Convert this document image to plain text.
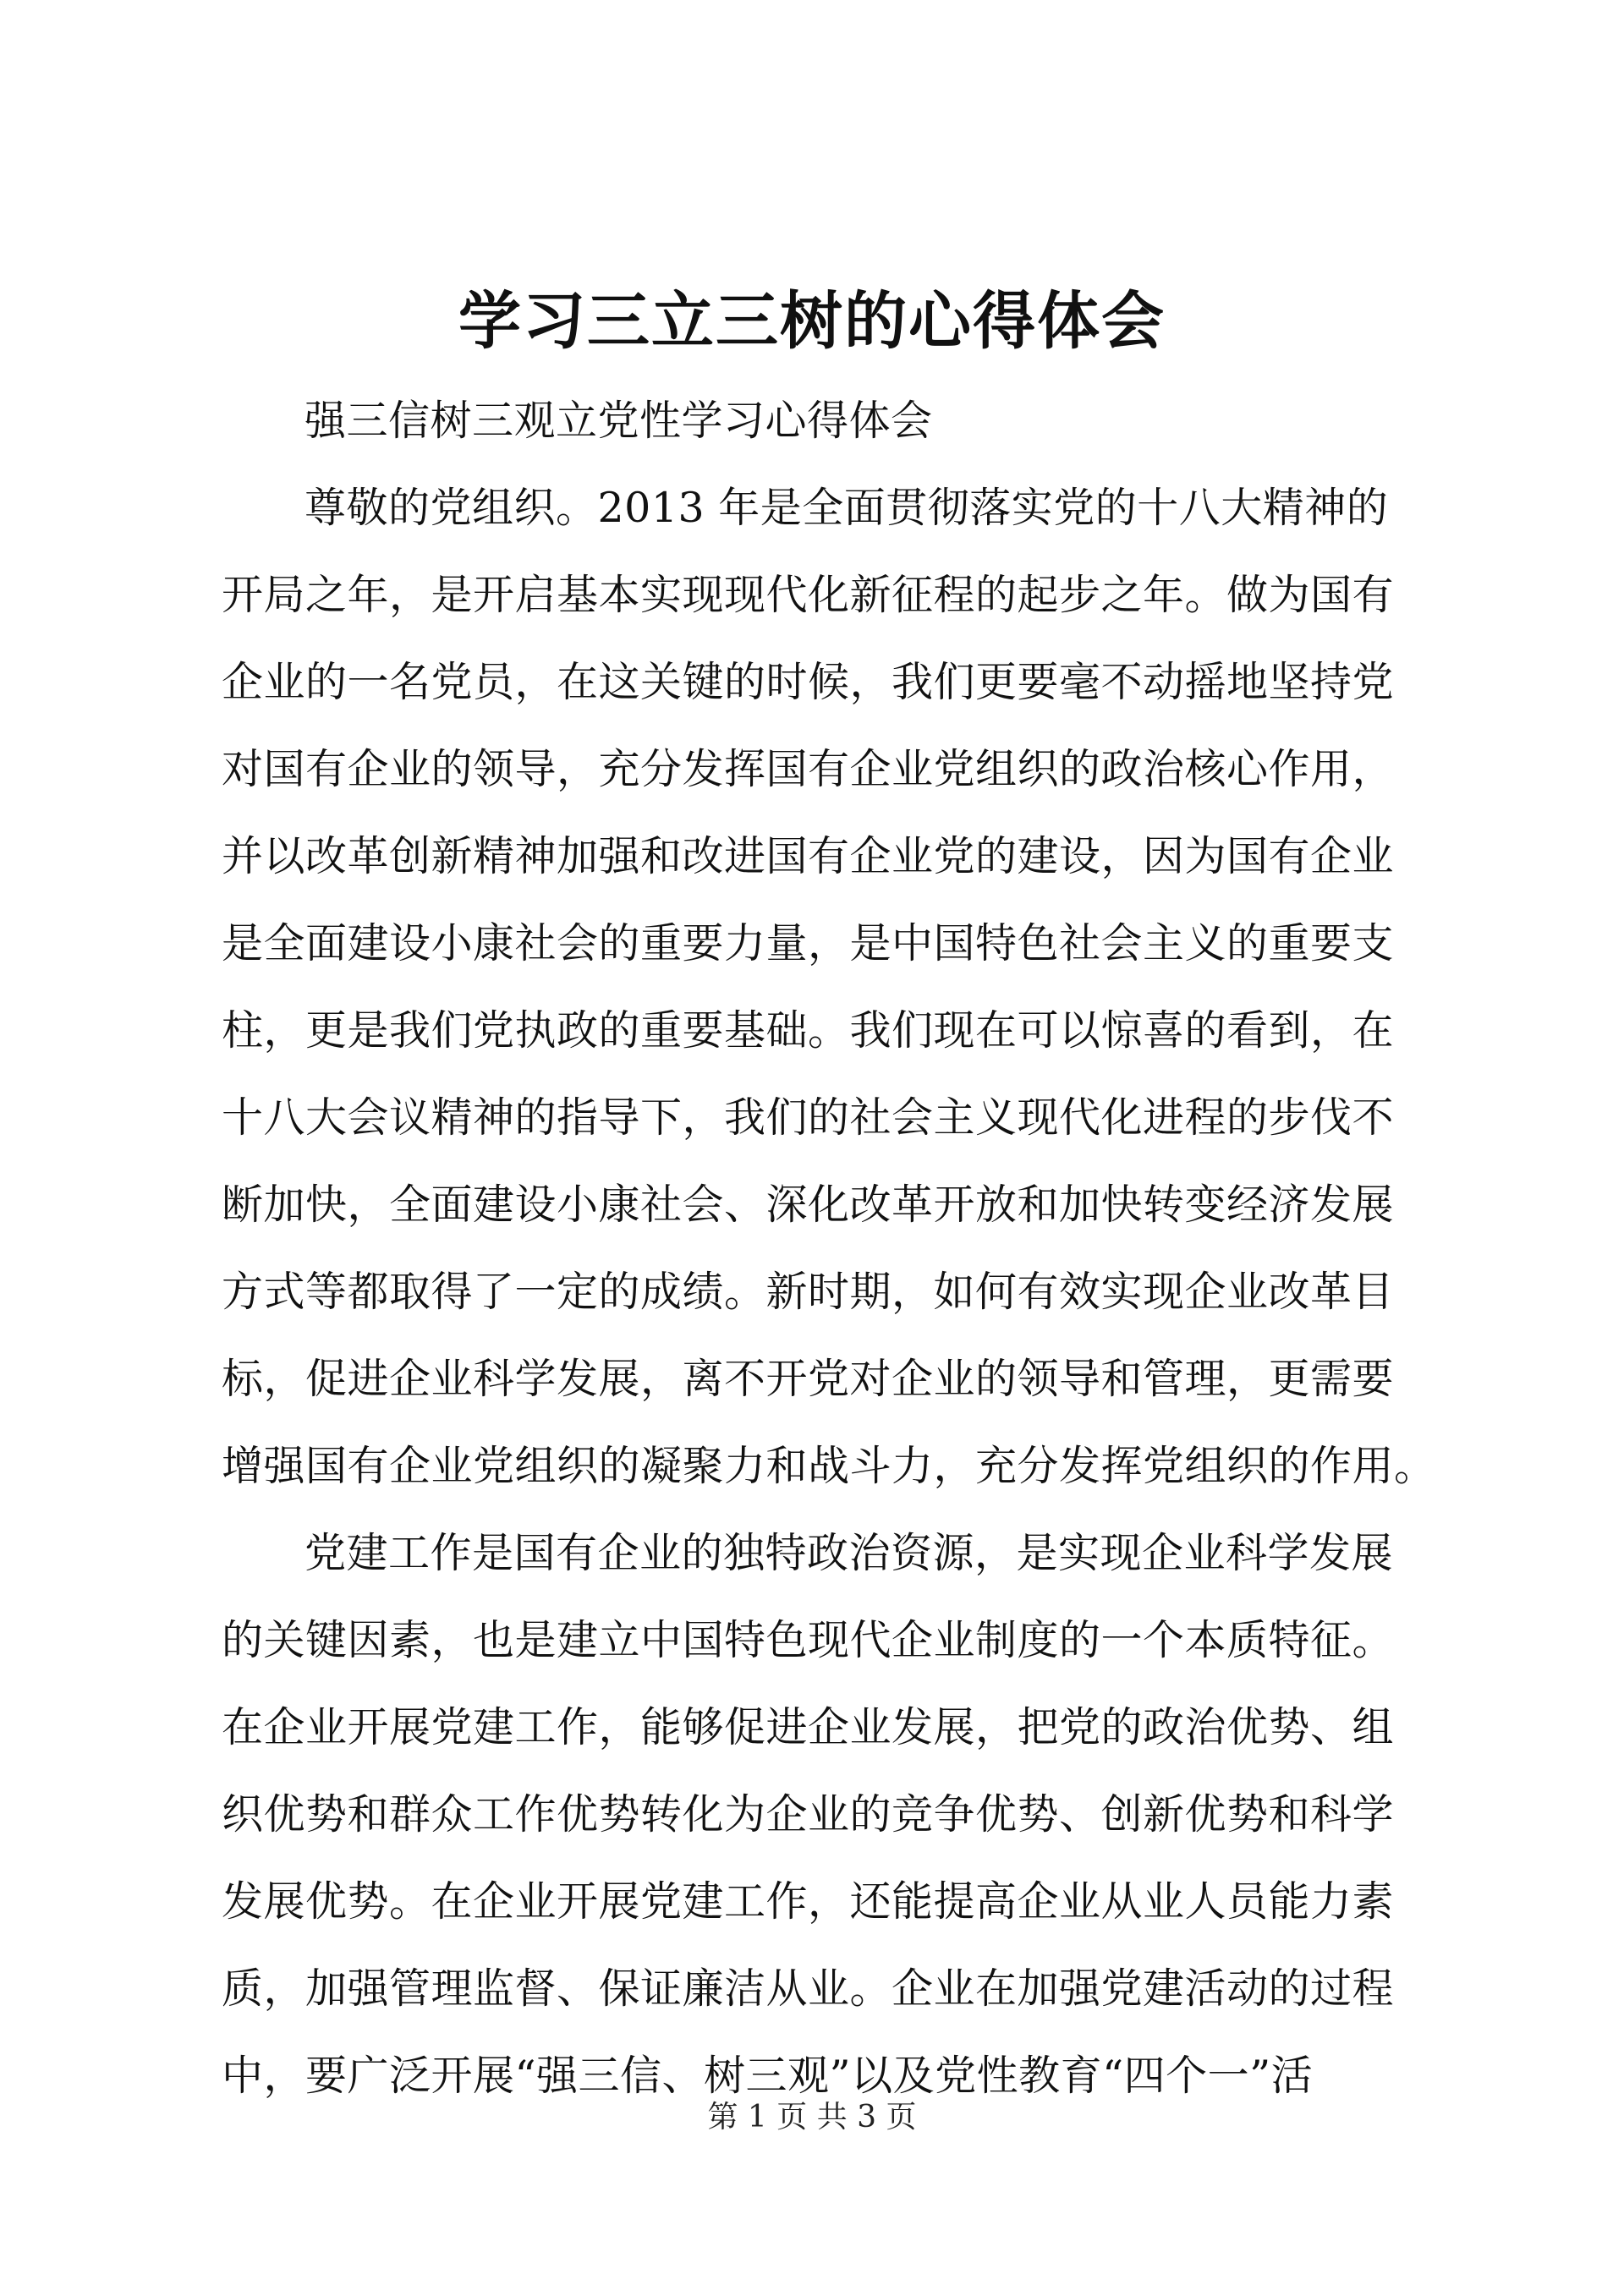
学习三立三树的心得体会
强三信树三观立党性学习心得体会
尊敬的党组织。2013 年是全面贯彻落实党的十八大精神的
开局之年，是开启基本实现现代化新征程的起步之年。做为国有
企业的一名党员，在这关键的时候，我们更要毫不动摇地坚持党
对国有企业的领导，充分发挥国有企业党组织的政治核心作用，
并以改革创新精神加强和改进国有企业党的建设，因为国有企业
是全面建设小康社会的重要力量，是中国特色社会主义的重要支
柱，更是我们党执政的重要基础。我们现在可以惊喜的看到，在
十八大会议精神的指导下，我们的社会主义现代化进程的步伐不
断加快，全面建设小康社会、深化改革开放和加快转变经济发展
方式等都取得了一定的成绩。新时期，如何有效实现企业改革目
标，促进企业科学发展，离不开党对企业的领导和管理，更需要
增强国有企业党组织的凝聚力和战斗力，充分发挥党组织的作用。
党建工作是国有企业的独特政治资源，是实现企业科学发展
的关键因素，也是建立中国特色现代企业制度的一个本质特征。
在企业开展党建工作，能够促进企业发展，把党的政治优势、组
织优势和群众工作优势转化为企业的竞争优势、创新优势和科学
发展优势。在企业开展党建工作，还能提高企业从业人员能力素
质，加强管理监督、保证廉洁从业。企业在加强党建活动的过程
中，要广泛开展“强三信、树三观”以及党性教育“四个一”活
第 1 页 共 3 页
